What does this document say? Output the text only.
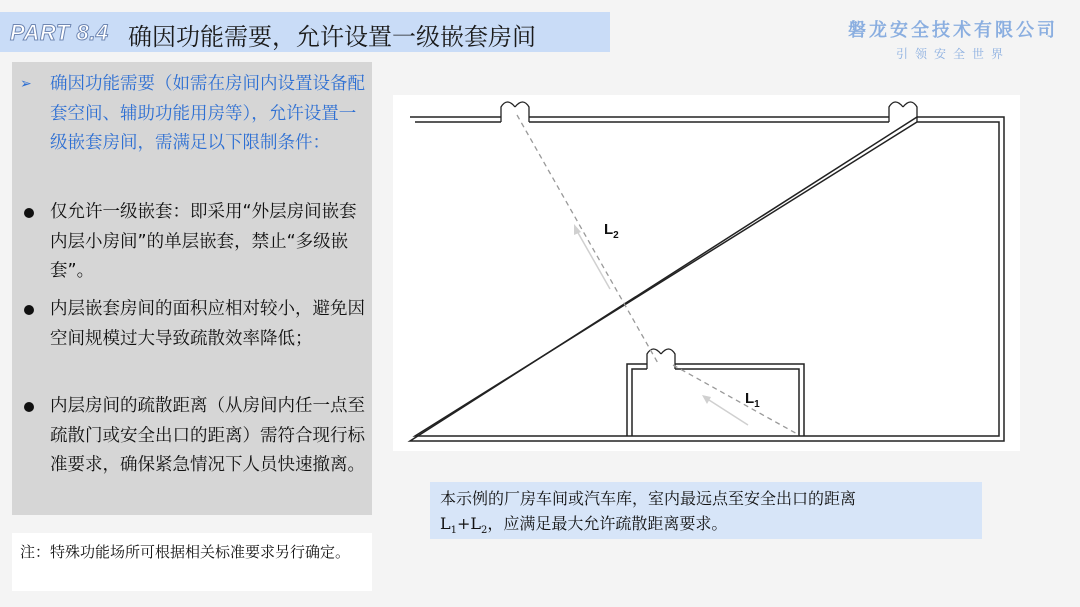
PART 8.4 确因功能需要，允许设置一级嵌套房间	磐龙安全技术有限公司
引领安全世界
➢	确因功能需要（如需在房间内设置设备配套空间、辅助功能用房等），允许设置一级嵌套房间，需满足以下限制条件：
仅允许一级嵌套：即采用“外层房间嵌套内层小房间”的单层嵌套，禁止“多级嵌套”。
内层嵌套房间的面积应相对较小，避免因空间规模过大导致疏散效率降低；
内层房间的疏散距离（从房间内任一点至疏散门或安全出口的距离）需符合现行标准要求，确保紧急情况下人员快速撤离。
注：特殊功能场所可根据相关标准要求另行确定。
$L_2$
$L_1$
本示例的厂房车间或汽车库，室内最远点至安全出口的距离
$L_1+L_2$，应满足最大允许疏散距离要求。
